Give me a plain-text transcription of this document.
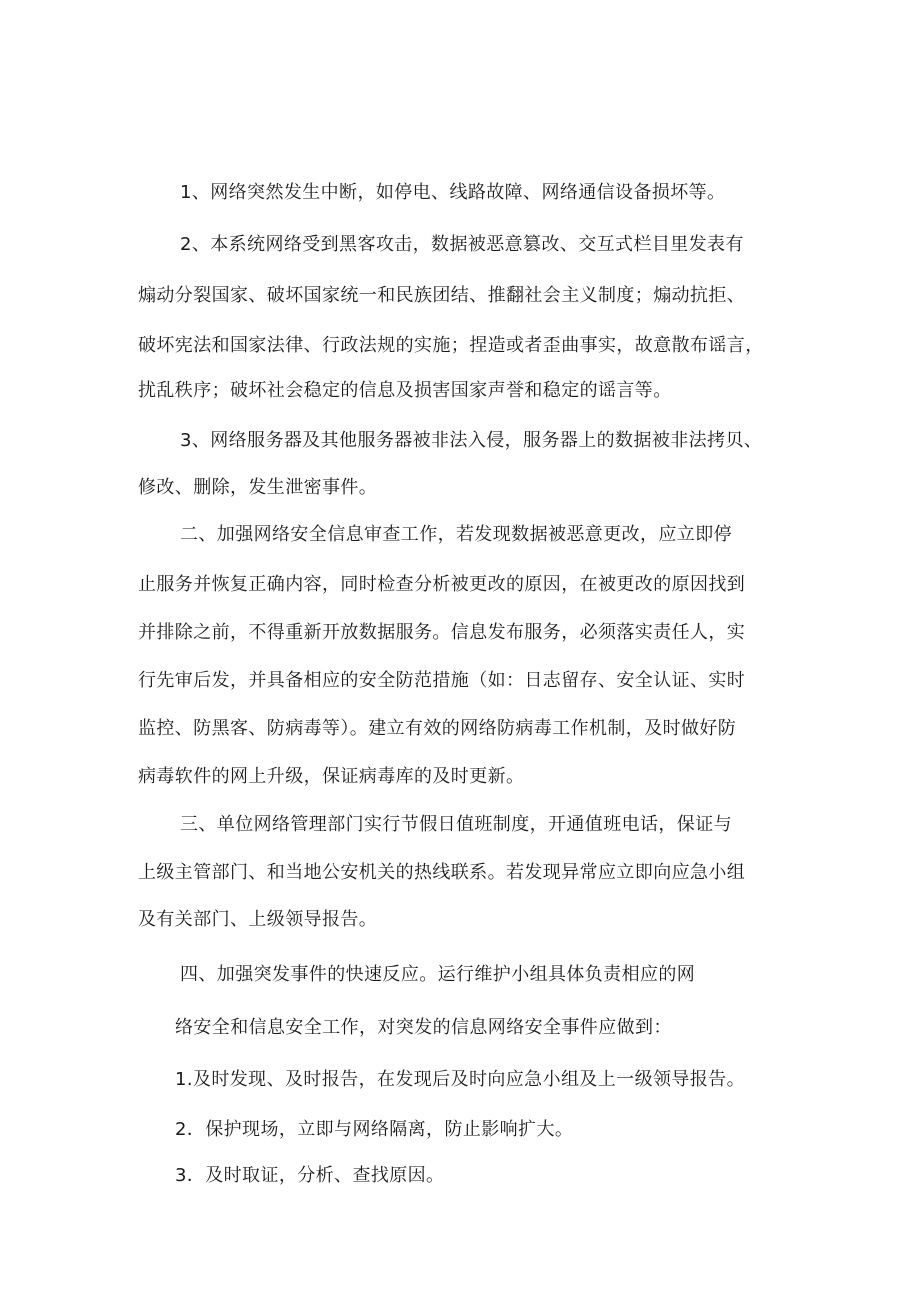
1、网络突然发生中断，如停电、线路故障、网络通信设备损坏等。
2、本系统网络受到黑客攻击，数据被恶意篡改、交互式栏目里发表有
煽动分裂国家、破坏国家统一和民族团结、推翻社会主义制度；煽动抗拒、
破坏宪法和国家法律、行政法规的实施；捏造或者歪曲事实，故意散布谣言，
扰乱秩序；破坏社会稳定的信息及损害国家声誉和稳定的谣言等。
3、网络服务器及其他服务器被非法入侵，服务器上的数据被非法拷贝、
修改、删除，发生泄密事件。
二、加强网络安全信息审查工作，若发现数据被恶意更改，应立即停
止服务并恢复正确内容，同时检查分析被更改的原因，在被更改的原因找到
并排除之前，不得重新开放数据服务。信息发布服务，必须落实责任人，实
行先审后发，并具备相应的安全防范措施（如：日志留存、安全认证、实时
监控、防黑客、防病毒等）。建立有效的网络防病毒工作机制，及时做好防
病毒软件的网上升级，保证病毒库的及时更新。
三、单位网络管理部门实行节假日值班制度，开通值班电话，保证与
上级主管部门、和当地公安机关的热线联系。若发现异常应立即向应急小组
及有关部门、上级领导报告。
四、加强突发事件的快速反应。运行维护小组具体负责相应的网
络安全和信息安全工作，对突发的信息网络安全事件应做到：
1.及时发现、及时报告，在发现后及时向应急小组及上一级领导报告。
2．保护现场，立即与网络隔离，防止影响扩大。
3．及时取证，分析、查找原因。
